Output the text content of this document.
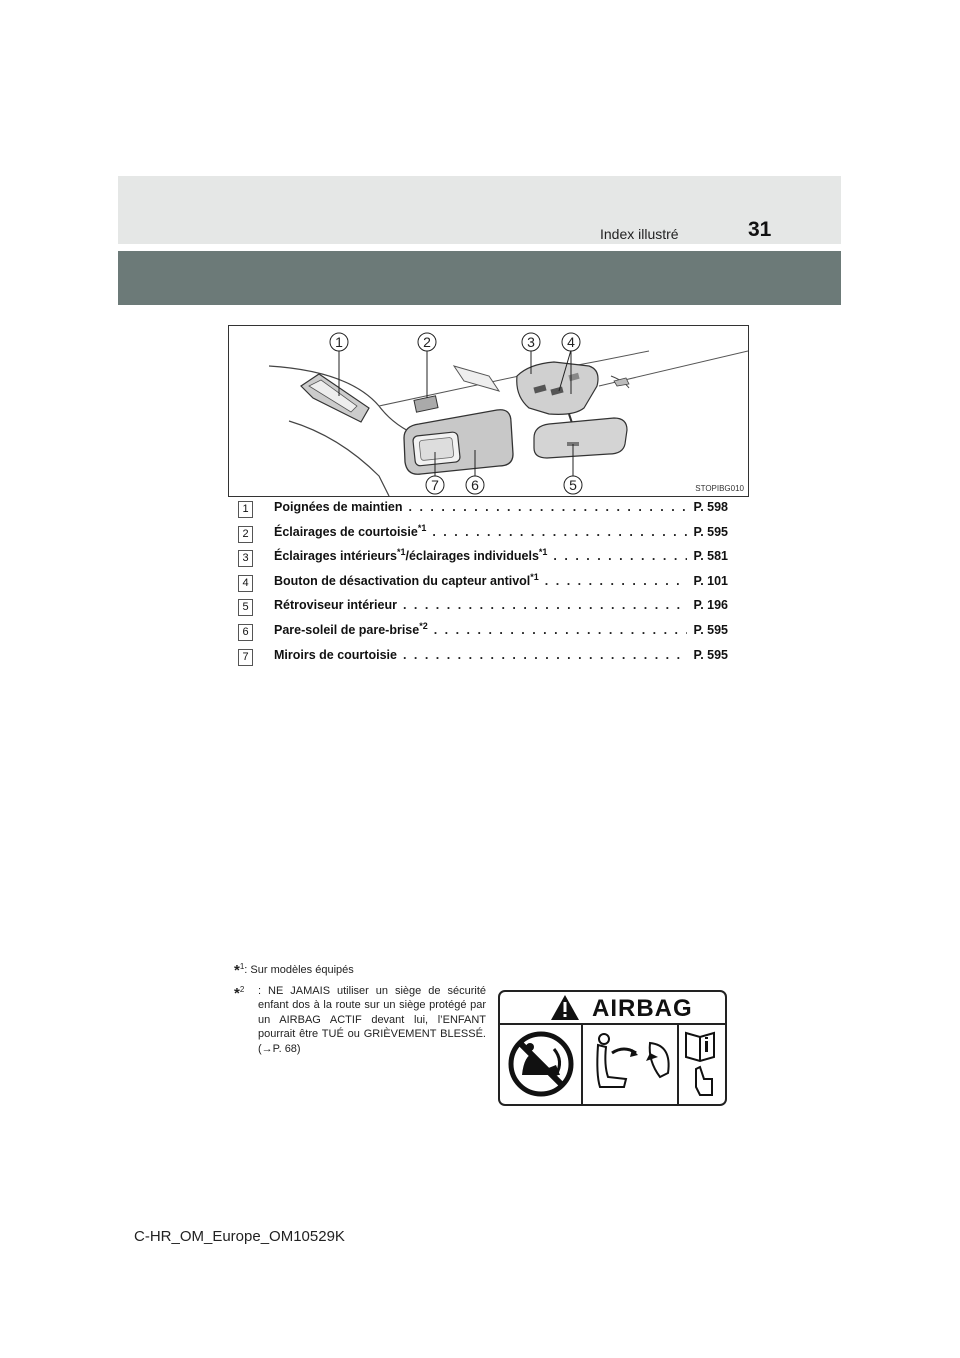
Index illustré	31
1	2	3 4
5
6
7	STOPIBG010
1	Poignées de maintien . . .	P. 598
2	Éclairages de courtoisie$^{*1}$ . . .	P. 595
3	Éclairages intérieurs$^{*1}$/éclairages individuels$^{*1}$ . . .	P. 581
4	Bouton de désactivation du capteur antivol$^{*1}$ . . .	P. 101
5	Rétroviseur intérieur . . .	P. 196
6	Pare-soleil de pare-brise$^{*2}$ . . .	P. 595
7	Miroirs de courtoisie . . .	P. 595
*$^1$: Sur modèles équipés
*$^2$ : NE JAMAIS utiliser un siège de sécurité enfant dos à la route sur un siège protégé par un AIRBAG ACTIF devant lui, l’ENFANT pourrait être TUÉ ou GRIÈVEMENT BLESSÉ. (→P. 68)
AIRBAG
C-HR_OM_Europe_OM10529K
